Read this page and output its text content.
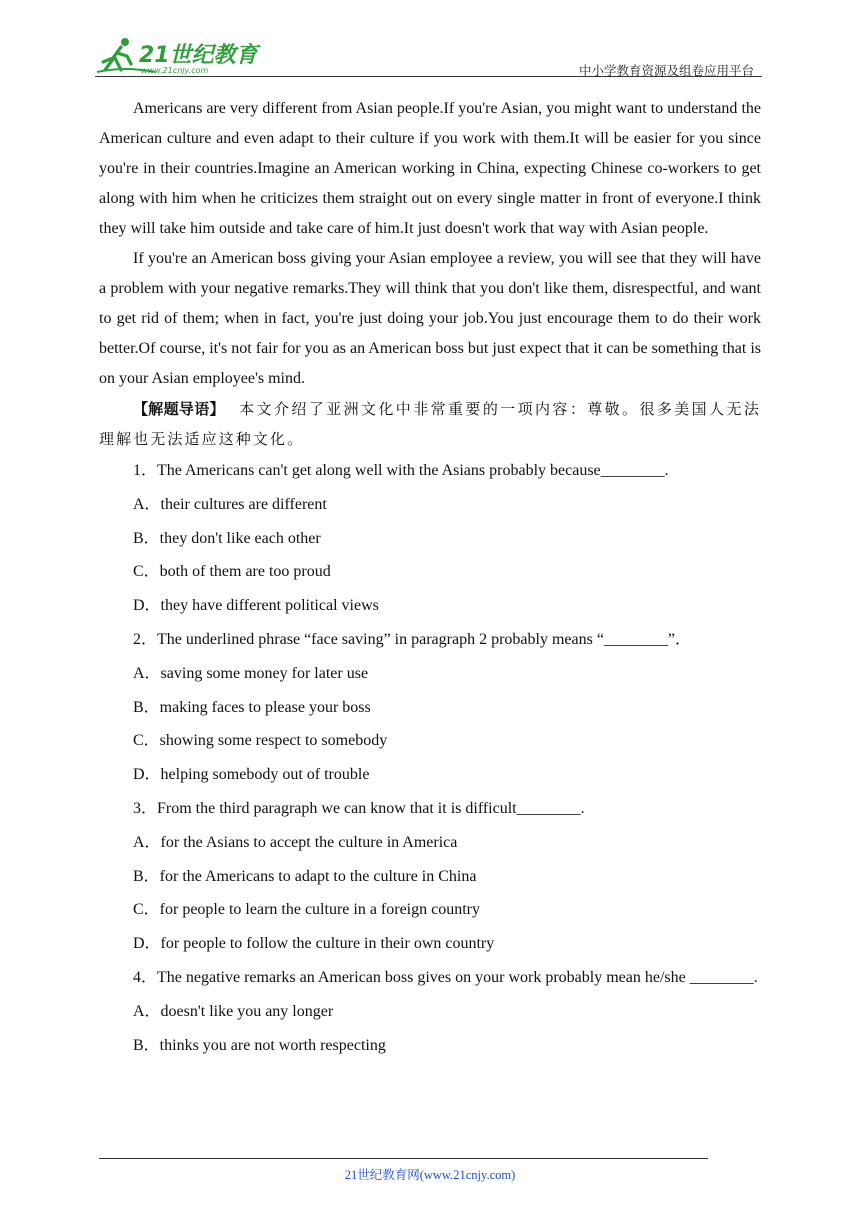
21世纪教育
www.21cnjy.com	中小学教育资源及组卷应用平台

Americans are very different from Asian people.If you're Asian, you might want to understand the American culture and even adapt to their culture if you work with them.It will be easier for you since you're in their countries.Imagine an American working in China, expecting Chinese co-workers to get along with him when he criticizes them straight out on every single matter in front of everyone.I think they will take him outside and take care of him.It just doesn't work that way with Asian people.

If you're an American boss giving your Asian employee a review, you will see that they will have a problem with your negative remarks.They will think that you don't like them, disrespectful, and want to get rid of them; when in fact, you're just doing your job.You just encourage them to do their work better.Of course, it's not fair for you as an American boss but just expect that it can be something that is on your Asian employee's mind.

【解题导语】 本文介绍了亚洲文化中非常重要的一项内容：尊敬。很多美国人无法理解也无法适应这种文化。

1．The Americans can't get along well with the Asians probably because________.

A．their cultures are different

B．they don't like each other

C．both of them are too proud

D．they have different political views

2．The underlined phrase “face saving” in paragraph 2 probably means “________”．

A．saving some money for later use

B．making faces to please your boss

C．showing some respect to somebody

D．helping somebody out of trouble

3．From the third paragraph we can know that it is difficult________.

A．for the Asians to accept the culture in America

B．for the Americans to adapt to the culture in China

C．for people to learn the culture in a foreign country

D．for people to follow the culture in their own country

4．The negative remarks an American boss gives on your work probably mean he/she ________.

A．doesn't like you any longer

B．thinks you are not worth respecting

21世纪教育网(www.21cnjy.com)
